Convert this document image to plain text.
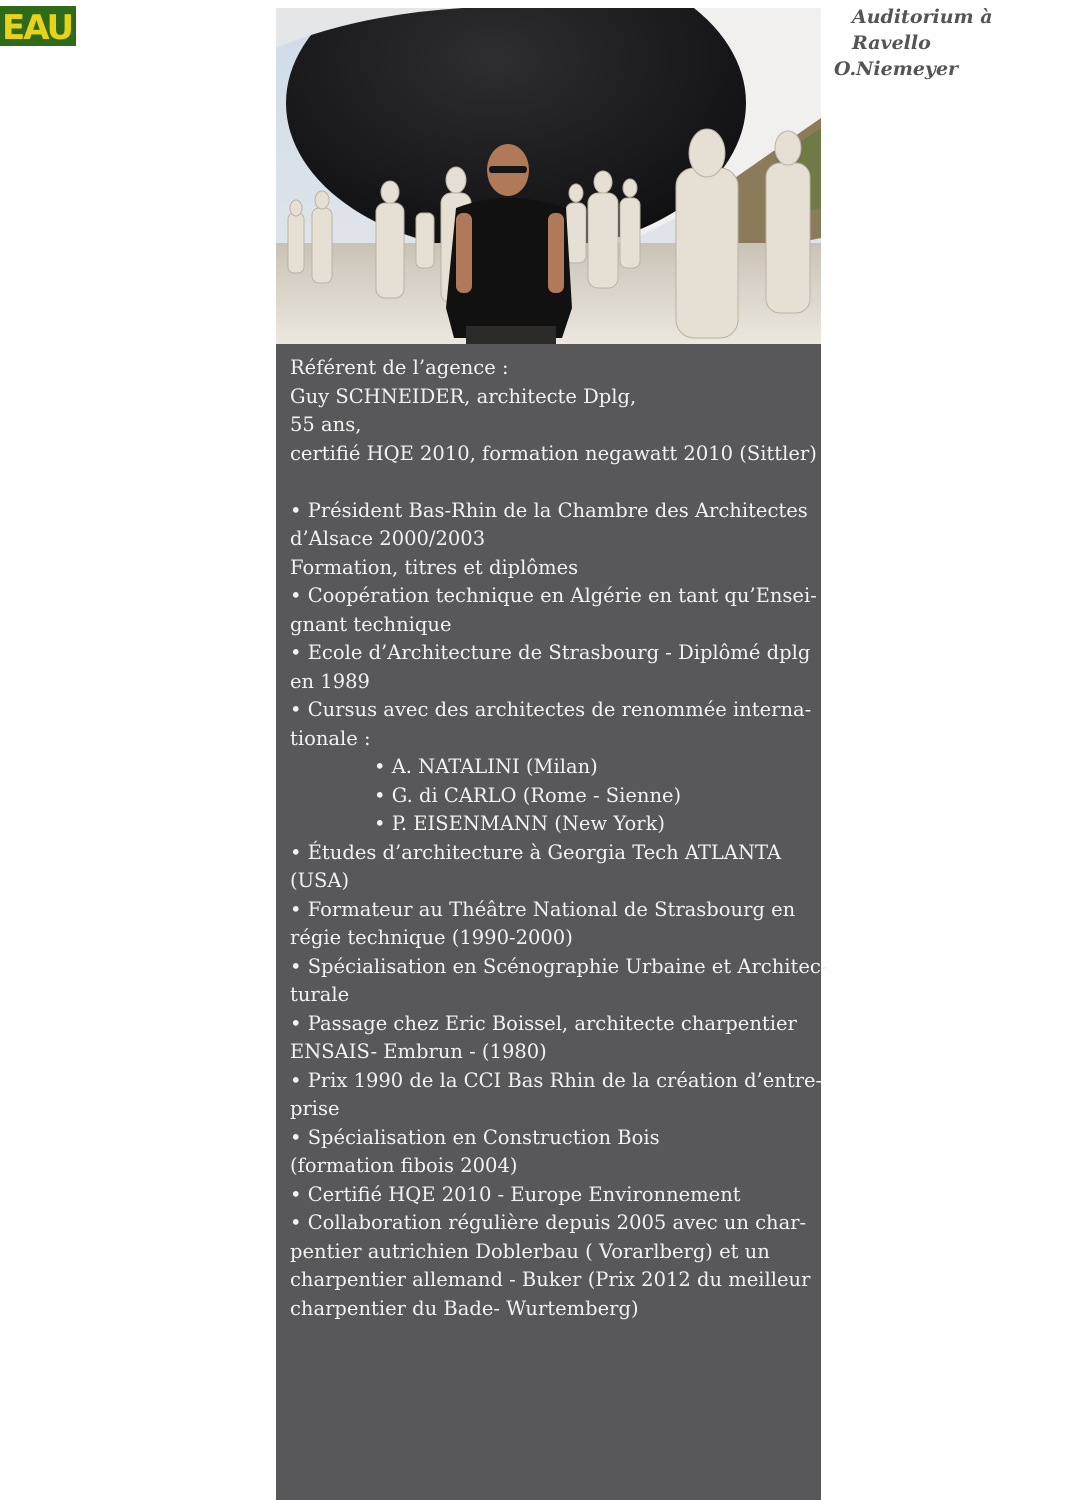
EAU	Auditorium à Ravello
O.Niemeyer
Référent de l’agence :
Guy SCHNEIDER, architecte Dplg,
55 ans,
certifié HQE 2010, formation negawatt 2010 (Sittler)
• Président Bas-Rhin de la Chambre des Architectes
d’Alsace 2000/2003
Formation, titres et diplômes
• Coopération technique en Algérie en tant qu’Ensei-
gnant technique
• Ecole d’Architecture de Strasbourg - Diplômé dplg
en 1989
• Cursus avec des architectes de renommée interna-
tionale :
• A. NATALINI (Milan)
• G. di CARLO (Rome - Sienne)
• P. EISENMANN (New York)
• Études d’architecture à Georgia Tech ATLANTA
(USA)
• Formateur au Théâtre National de Strasbourg en
régie technique (1990-2000)
• Spécialisation en Scénographie Urbaine et Architec-
turale
• Passage chez Eric Boissel, architecte charpentier
ENSAIS- Embrun - (1980)
• Prix 1990 de la CCI Bas Rhin de la création d’entre-
prise
• Spécialisation en Construction Bois
(formation fibois 2004)
• Certifié HQE 2010 - Europe Environnement
• Collaboration régulière depuis 2005 avec un char-
pentier autrichien Doblerbau ( Vorarlberg) et un
charpentier allemand - Buker (Prix 2012 du meilleur
charpentier du Bade- Wurtemberg)
